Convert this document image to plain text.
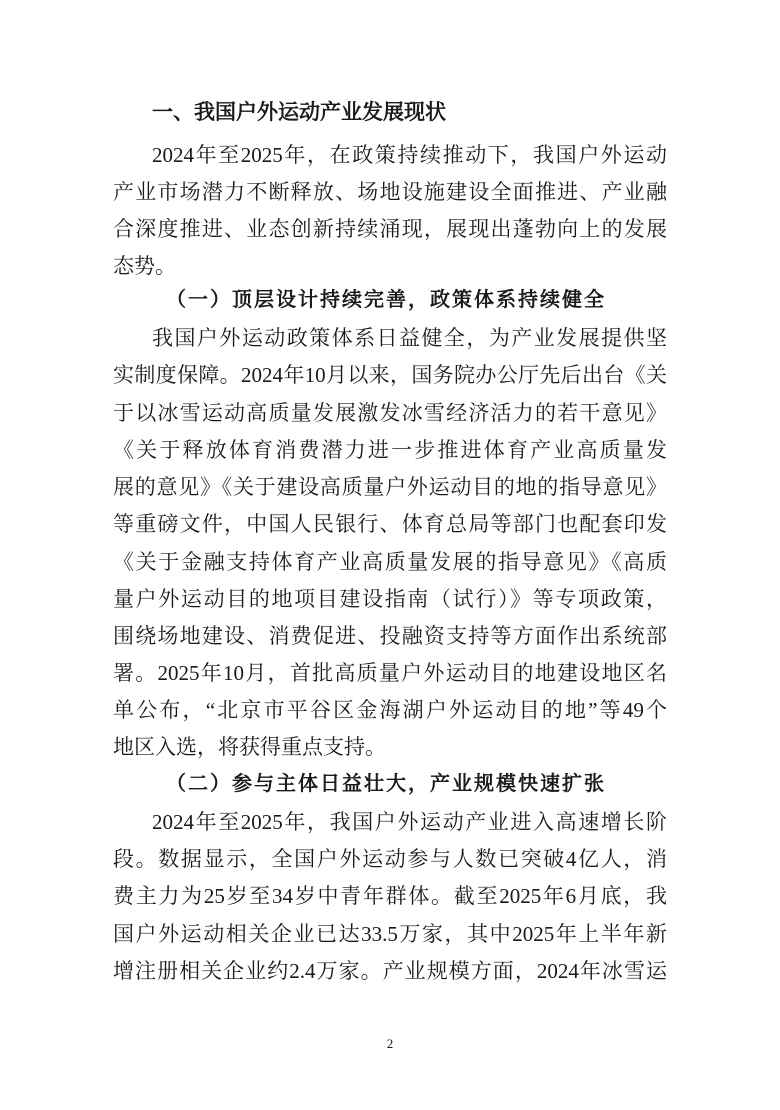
一、我国户外运动产业发展现状
2024年至2025年，在政策持续推动下，我国户外运动
产业市场潜力不断释放、场地设施建设全面推进、产业融
合深度推进、业态创新持续涌现，展现出蓬勃向上的发展
态势。
（一）顶层设计持续完善，政策体系持续健全
我国户外运动政策体系日益健全，为产业发展提供坚
实制度保障。2024年10月以来，国务院办公厅先后出台《关
于以冰雪运动高质量发展激发冰雪经济活力的若干意见》
《关于释放体育消费潜力进一步推进体育产业高质量发
展的意见》《关于建设高质量户外运动目的地的指导意见》
等重磅文件，中国人民银行、体育总局等部门也配套印发
《关于金融支持体育产业高质量发展的指导意见》《高质
量户外运动目的地项目建设指南（试行）》等专项政策，
围绕场地建设、消费促进、投融资支持等方面作出系统部
署。2025年10月，首批高质量户外运动目的地建设地区名
单公布，“北京市平谷区金海湖户外运动目的地”等49个
地区入选，将获得重点支持。
（二）参与主体日益壮大，产业规模快速扩张
2024年至2025年，我国户外运动产业进入高速增长阶
段。数据显示，全国户外运动参与人数已突破4亿人，消
费主力为25岁至34岁中青年群体。截至2025年6月底，我
国户外运动相关企业已达33.5万家，其中2025年上半年新
增注册相关企业约2.4万家。产业规模方面，2024年冰雪运
2
